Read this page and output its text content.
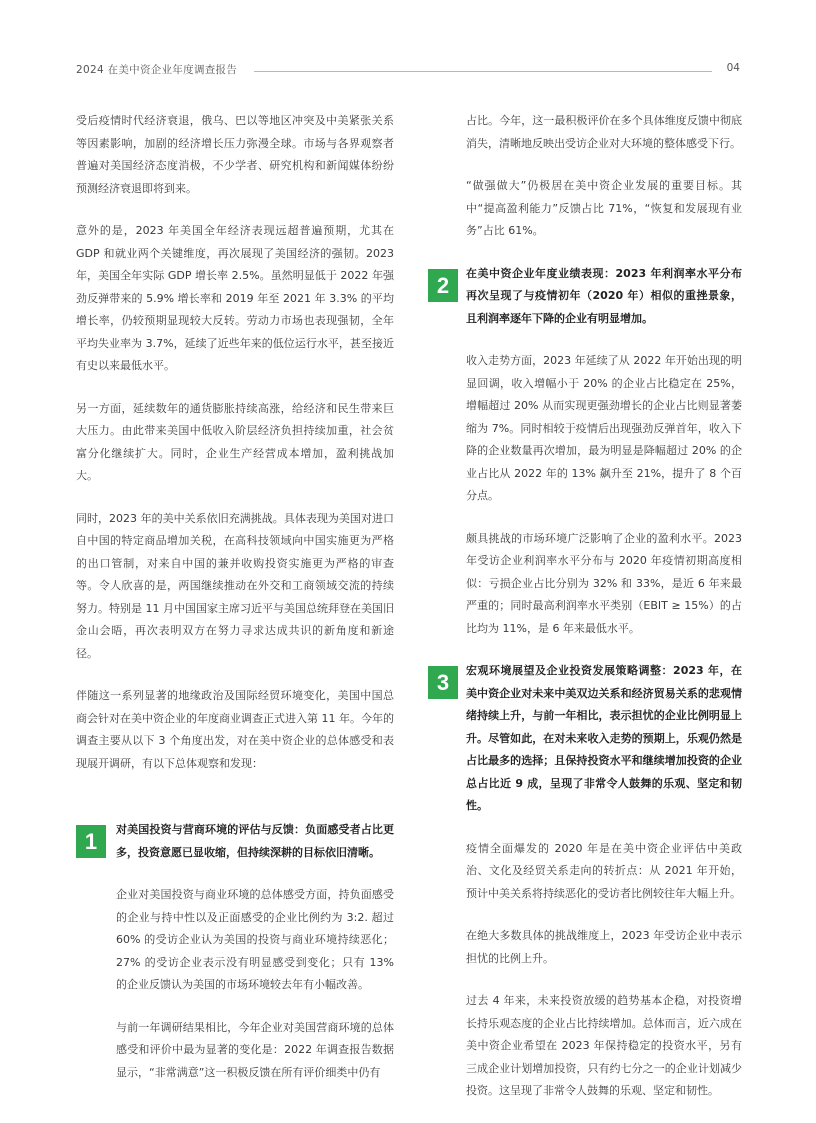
2024 在美中资企业年度调查报告	04

受后疫情时代经济衰退，俄乌、巴以等地区冲突及中美紧张关系等因素影响，加剧的经济增长压力弥漫全球。市场与各界观察者普遍对美国经济态度消极，不少学者、研究机构和新闻媒体纷纷预测经济衰退即将到来。

意外的是，2023 年美国全年经济表现远超普遍预期，尤其在 GDP 和就业两个关键维度，再次展现了美国经济的强韧。2023 年，美国全年实际 GDP 增长率 2.5%。虽然明显低于 2022 年强劲反弹带来的 5.9% 增长率和 2019 年至 2021 年 3.3% 的平均增长率，仍较预期显现较大反转。劳动力市场也表现强韧，全年平均失业率为 3.7%，延续了近些年来的低位运行水平，甚至接近有史以来最低水平。

另一方面，延续数年的通货膨胀持续高涨，给经济和民生带来巨大压力。由此带来美国中低收入阶层经济负担持续加重，社会贫富分化继续扩大。同时，企业生产经营成本增加，盈利挑战加大。

同时，2023 年的美中关系依旧充满挑战。具体表现为美国对进口自中国的特定商品增加关税，在高科技领域向中国实施更为严格的出口管制，对来自中国的兼并收购投资实施更为严格的审查等。令人欣喜的是，两国继续推动在外交和工商领域交流的持续努力。特别是 11 月中国国家主席习近平与美国总统拜登在美国旧金山会晤，再次表明双方在努力寻求达成共识的新角度和新途径。

伴随这一系列显著的地缘政治及国际经贸环境变化，美国中国总商会针对在美中资企业的年度商业调查正式进入第 11 年。今年的调查主要从以下 3 个角度出发，对在美中资企业的总体感受和表现展开调研，有以下总体观察和发现：

1	对美国投资与营商环境的评估与反馈：负面感受者占比更多，投资意愿已显收缩，但持续深耕的目标依旧清晰。

企业对美国投资与商业环境的总体感受方面，持负面感受的企业与持中性以及正面感受的企业比例约为 3:2. 超过 60% 的受访企业认为美国的投资与商业环境持续恶化；27% 的受访企业表示没有明显感受到变化；只有 13% 的企业反馈认为美国的市场环境较去年有小幅改善。

与前一年调研结果相比，今年企业对美国营商环境的总体感受和评价中最为显著的变化是：2022 年调查报告数据显示，“非常满意”这一积极反馈在所有评价细类中仍有

占比。今年，这一最积极评价在多个具体维度反馈中彻底消失，清晰地反映出受访企业对大环境的整体感受下行。

“做强做大”仍极居在美中资企业发展的重要目标。其中“提高盈利能力”反馈占比 71%，“恢复和发展现有业务”占比 61%。

2	在美中资企业年度业绩表现：2023 年利润率水平分布再次呈现了与疫情初年（2020 年）相似的重挫景象，且利润率逐年下降的企业有明显增加。

收入走势方面，2023 年延续了从 2022 年开始出现的明显回调，收入增幅小于 20% 的企业占比稳定在 25%，增幅超过 20% 从而实现更强劲增长的企业占比则显著萎缩为 7%。同时相较于疫情后出现强劲反弹首年，收入下降的企业数量再次增加，最为明显是降幅超过 20% 的企业占比从 2022 年的 13% 飙升至 21%，提升了 8 个百分点。

颇具挑战的市场环境广泛影响了企业的盈利水平。2023 年受访企业利润率水平分布与 2020 年疫情初期高度相似：亏损企业占比分别为 32% 和 33%，是近 6 年来最严重的；同时最高利润率水平类别（EBIT ≥ 15%）的占比均为 11%，是 6 年来最低水平。

3	宏观环境展望及企业投资发展策略调整：2023 年，在美中资企业对未来中美双边关系和经济贸易关系的悲观情绪持续上升，与前一年相比，表示担忧的企业比例明显上升。尽管如此，在对未来收入走势的预期上，乐观仍然是占比最多的选择；且保持投资水平和继续增加投资的企业总占比近 9 成，呈现了非常令人鼓舞的乐观、坚定和韧性。

疫情全面爆发的 2020 年是在美中资企业评估中美政治、文化及经贸关系走向的转折点：从 2021 年开始，预计中美关系将持续恶化的受访者比例较往年大幅上升。

在绝大多数具体的挑战维度上，2023 年受访企业中表示担忧的比例上升。

过去 4 年来，未来投资放缓的趋势基本企稳，对投资增长持乐观态度的企业占比持续增加。总体而言，近六成在美中资企业希望在 2023 年保持稳定的投资水平，另有三成企业计划增加投资，只有约七分之一的企业计划减少投资。这呈现了非常令人鼓舞的乐观、坚定和韧性。
